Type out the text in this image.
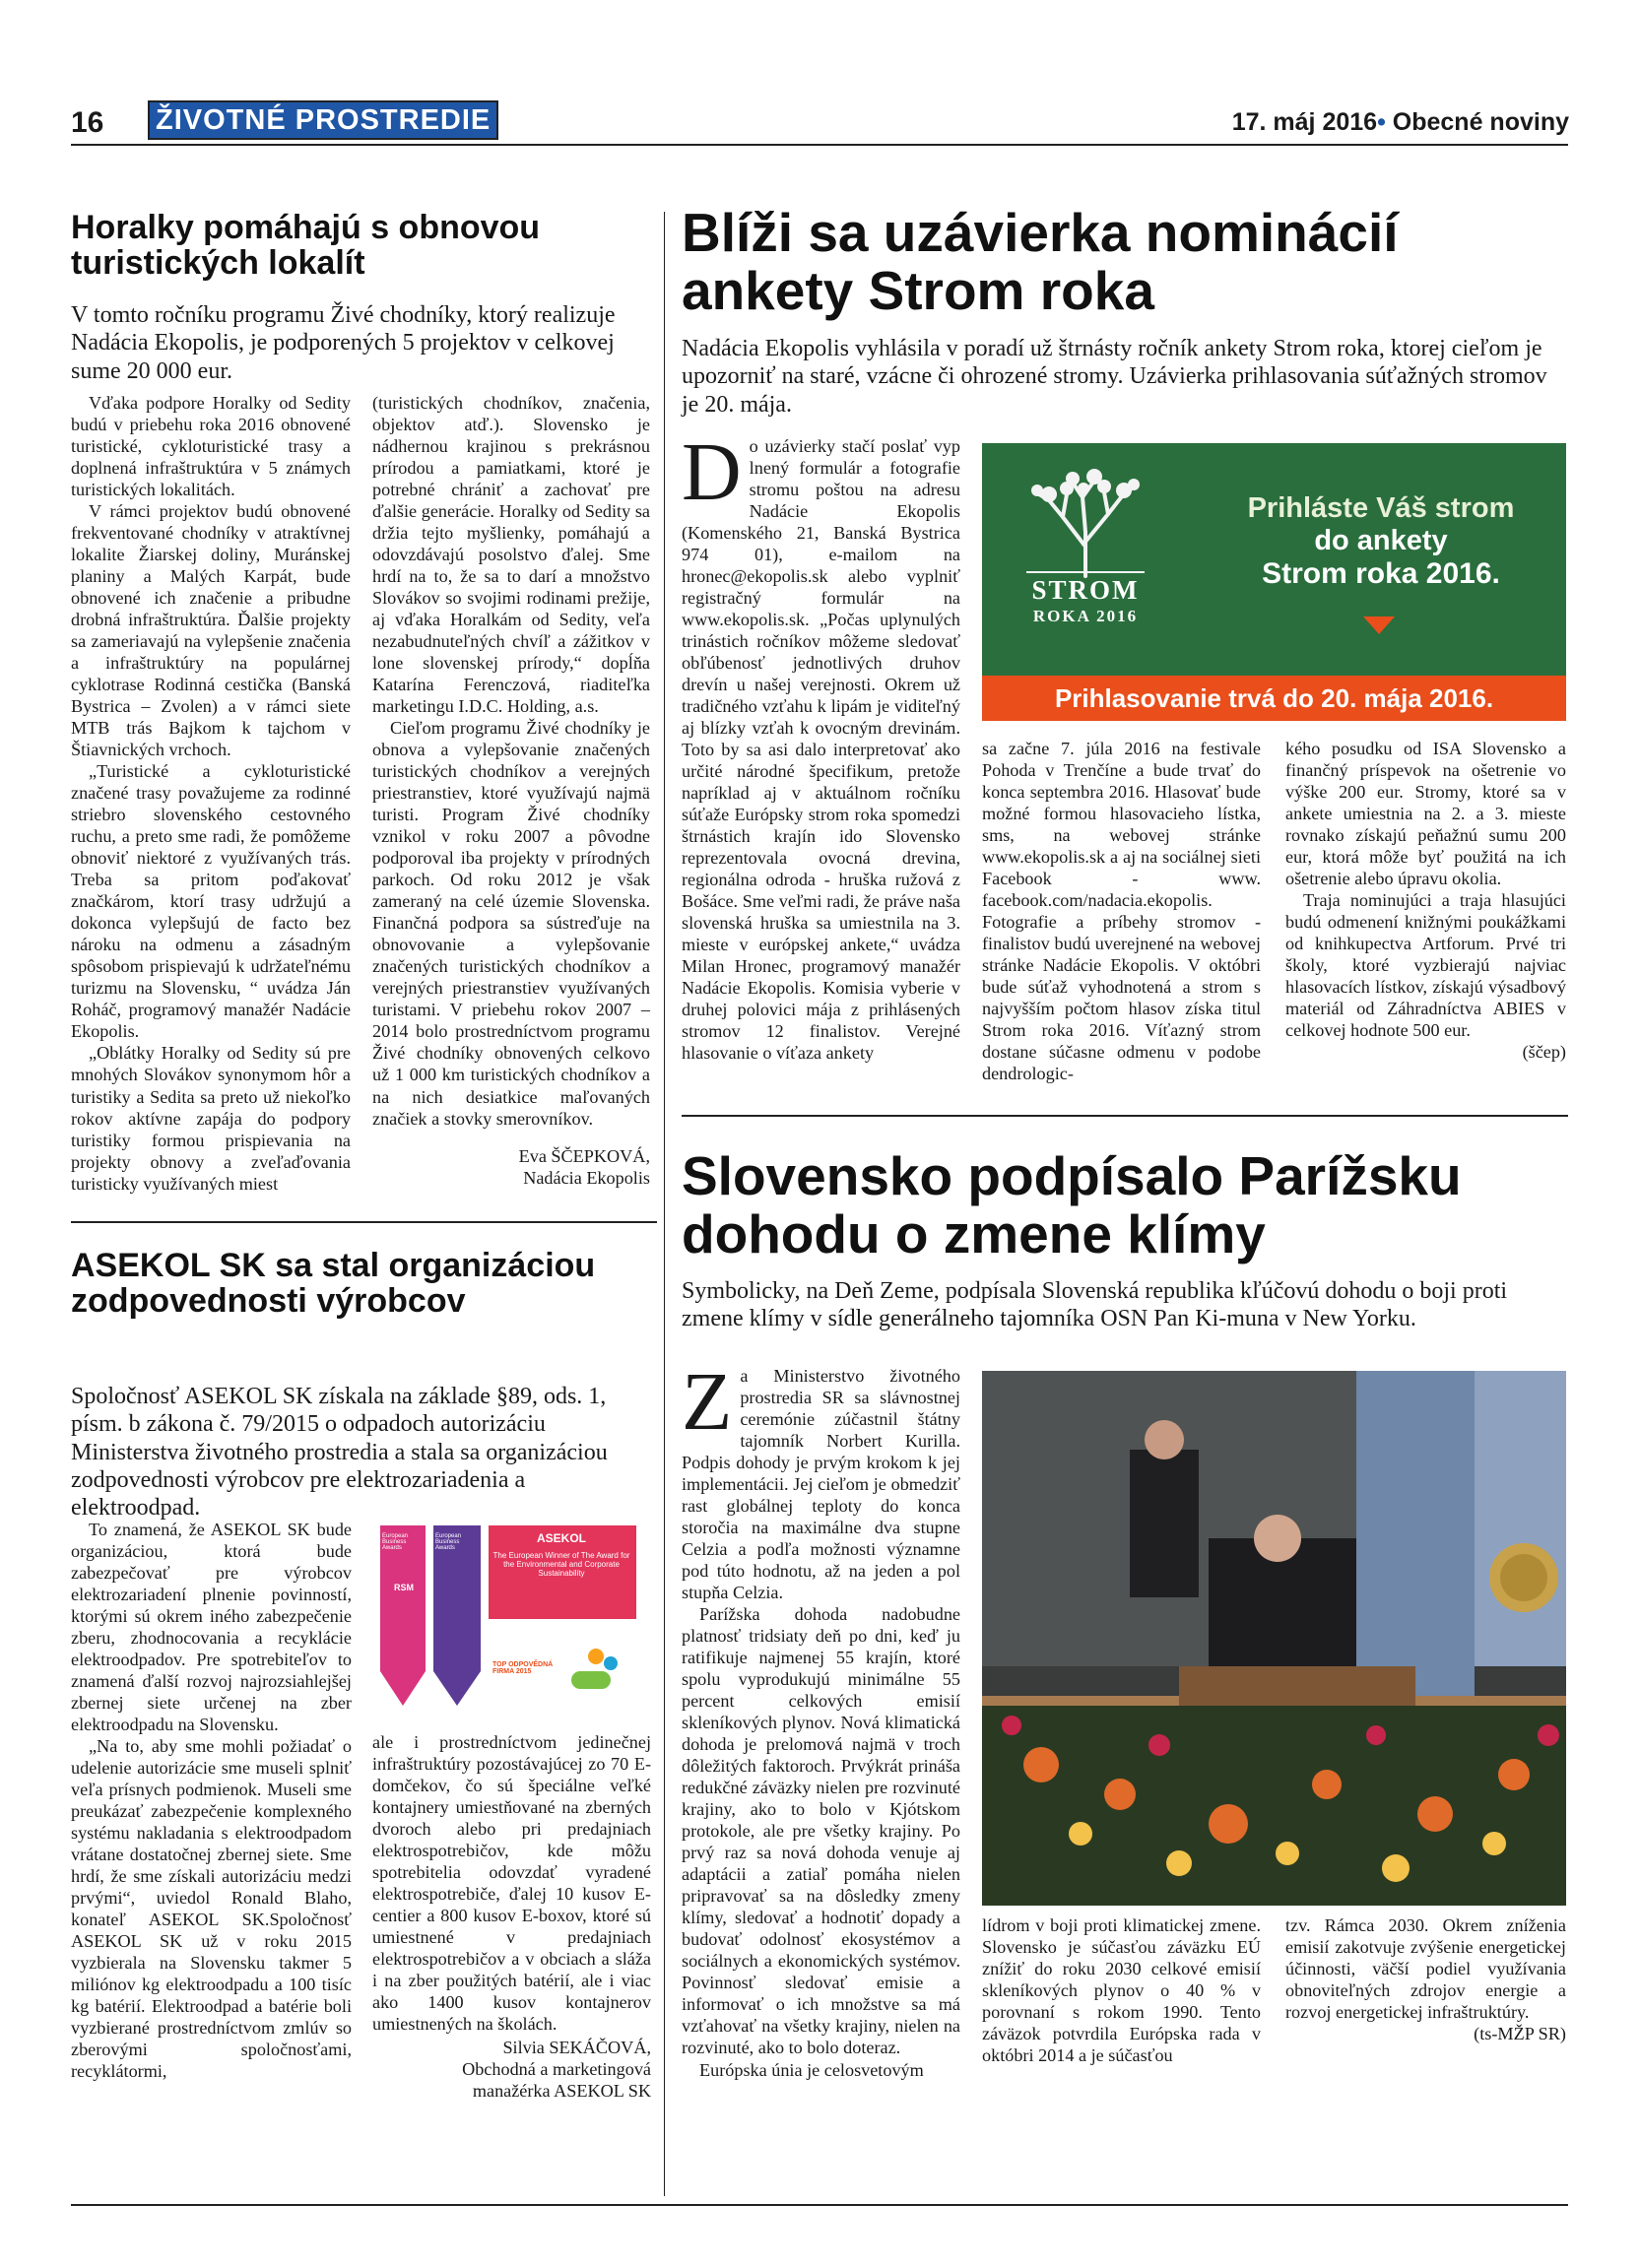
16 ŽIVOTNÉ PROSTREDIE	17. máj 2016• Obecné noviny
Horalky pomáhajú s obnovou turistických lokalít
V tomto ročníku programu Živé chodníky, ktorý realizuje Nadácia Ekopolis, je podporených 5 projektov v celkovej sume 20 000 eur.

Vďaka podpore Horalky od Sedity budú v priebehu roka 2016 obnovené turistické, cykloturistické trasy a doplnená infraštruktúra v 5 známych turistických lokalitách.

V rámci projektov budú obnovené frekventované chodníky v atraktívnej lokalite Žiarskej doliny, Muránskej planiny a Malých Karpát, bude obnovené ich značenie a pribudne drobná infraštruktúra. Ďalšie projekty sa zameriavajú na vylepšenie značenia a infraštruktúry na populárnej cyklotrase Rodinná cestička (Banská Bystrica – Zvolen) a v rámci siete MTB trás Bajkom k tajchom v Štiavnických vrchoch.

„Turistické a cykloturistické značené trasy považujeme za rodinné striebro slovenského cestovného ruchu, a preto sme radi, že pomôžeme obnoviť niektoré z využívaných trás. Treba sa pritom poďakovať značkárom, ktorí trasy udržujú a dokonca vylepšujú de facto bez nároku na odmenu a zásadným spôsobom prispievajú k udržateľnému turizmu na Slovensku, “ uvádza Ján Roháč, programový manažér Nadácie Ekopolis.

„Oblátky Horalky od Sedity sú pre mnohých Slovákov synonymom hôr a turistiky a Sedita sa preto už niekoľko rokov aktívne zapája do podpory turistiky formou prispievania na projekty obnovy a zveľaďovania turisticky využívaných miest

(turistických chodníkov, značenia, objektov atď.). Slovensko je nádhernou krajinou s prekrásnou prírodou a pamiatkami, ktoré je potrebné chrániť a zachovať pre ďalšie generácie. Horalky od Sedity sa držia tejto myšlienky, pomáhajú a odovzdávajú posolstvo ďalej. Sme hrdí na to, že sa to darí a množstvo Slovákov so svojimi rodinami prežije, aj vďaka Horalkám od Sedity, veľa nezabudnuteľných chvíľ a zážitkov v lone slovenskej prírody,“ dopĺňa Katarína Ferenczová, riaditeľka marketingu I.D.C. Holding, a.s.

Cieľom programu Živé chodníky je obnova a vylepšovanie značených turistických chodníkov a verejných priestranstiev, ktoré využívajú najmä turisti. Program Živé chodníky vznikol v roku 2007 a pôvodne podporoval iba projekty v prírodných parkoch. Od roku 2012 je však zameraný na celé územie Slovenska. Finančná podpora sa sústreďuje na obnovovanie a vylepšovanie značených turistických chodníkov a verejných priestranstiev využívaných turistami. V priebehu rokov 2007 – 2014 bolo prostredníctvom programu Živé chodníky obnovených celkovo už 1 000 km turistických chodníkov a na nich desiatkice maľovaných značiek a stovky smerovníkov.

Eva ŠČEPKOVÁ,

Nadácia Ekopolis

Blíži sa uzávierka nominácií ankety Strom roka
Nadácia Ekopolis vyhlásila v poradí už štrnásty ročník ankety Strom roka, ktorej cieľom je upozorniť na staré, vzácne či ohrozené stromy. Uzávierka prihlasovania súťažných stromov je 20. mája.

Do uzávierky stačí poslať vyp lnený formulár a fotografie stromu poštou na adresu Nadácie Ekopolis (Komenského 21, Banská Bystrica 974 01), e-mailom na hronec@ekopolis.sk alebo vyplniť registračný formulár na www.ekopolis.sk. „Počas uplynulých trinástich ročníkov môžeme sledovať obľúbenosť jednotlivých druhov drevín u našej verejnosti. Okrem už tradičného vzťahu k lipám je viditeľný aj blízky vzťah k ovocným drevinám. Toto by sa asi dalo interpretovať ako určité národné špecifikum, pretože napríklad aj v aktuálnom ročníku súťaže Európsky strom roka spomedzi štrnástich krajín ido Slovensko reprezentovala ovocná drevina, regionálna odroda - hruška ružová z Bošáce. Sme veľmi radi, že práve naša slovenská hruška sa umiestnila na 3. mieste v európskej ankete,“ uvádza Milan Hronec, programový manažér Nadácie Ekopolis. Komisia vyberie v druhej polovici mája z prihlásených stromov 12 finalistov. Verejné hlasovanie o víťaza ankety

STROM
ROKA 2016
Prihláste Váš strom
do ankety
Strom roka 2016.
Prihlasovanie trvá do 20. mája 2016.

sa začne 7. júla 2016 na festivale Pohoda v Trenčíne a bude trvať do konca septembra 2016. Hlasovať bude možné formou hlasovacieho lístka, sms, na webovej stránke www.ekopolis.sk a aj na sociálnej sieti Facebook - www. facebook.com/nadacia.ekopolis. Fotografie a príbehy stromov - finalistov budú uverejnené na webovej stránke Nadácie Ekopolis. V októbri bude súťaž vyhodnotená a strom s najvyšším počtom hlasov získa titul Strom roka 2016. Víťazný strom dostane súčasne odmenu v podobe dendrologic-

kého posudku od ISA Slovensko a finančný príspevok na ošetrenie vo výške 200 eur. Stromy, ktoré sa v ankete umiestnia na 2. a 3. mieste rovnako získajú peňažnú sumu 200 eur, ktorá môže byť použitá na ich ošetrenie alebo úpravu okolia.

Traja nominujúci a traja hlasujúci budú odmenení knižnými poukážkami od knihkupectva Artforum. Prvé tri školy, ktoré vyzbierajú najviac hlasovacích lístkov, získajú výsadbový materiál od Záhradníctva ABIES v celkovej hodnote 500 eur.

(ščep)

ASEKOL SK sa stal organizáciou zodpovednosti výrobcov
Spoločnosť ASEKOL SK získala na základe §89, ods. 1, písm. b zákona č. 79/2015 o odpadoch autorizáciu Ministerstva životného prostredia a stala sa organizáciou zodpovednosti výrobcov pre elektrozariadenia a elektroodpad.

To znamená, že ASEKOL SK bude organizáciou, ktorá bude zabezpečovať pre výrobcov elektrozariadení plnenie povinností, ktorými sú okrem iného zabezpečenie zberu, zhodnocovania a recyklácie elektroodpadov. Pre spotrebiteľov to znamená ďalší rozvoj najrozsiahlejšej zbernej siete určenej na zber elektroodpadu na Slovensku.

„Na to, aby sme mohli požiadať o udelenie autorizácie sme museli splniť veľa prísnych podmienok. Museli sme preukázať zabezpečenie komplexného systému nakladania s elektroodpadom vrátane dostatočnej zbernej siete. Sme hrdí, že sme získali autorizáciu medzi prvými“, uviedol Ronald Blaho, konateľ ASEKOL SK.Spoločnosť ASEKOL SK už v roku 2015 vyzbierala na Slovensku takmer 5 miliónov kg elektroodpadu a 100 tisíc kg batérií. Elektroodpad a batérie boli vyzbierané prostredníctvom zmlúv so zberovými spoločnosťami, recyklátormi,

European Business Awards
European Business Awards
ASEKOL
The European Winner of The Award for the Environmental and Corporate Sustainability
RSM
TOP ODPOVĚDNÁ FIRMA 2015

ale i prostredníctvom jedinečnej infraštruktúry pozostávajúcej zo 70 E-domčekov, čo sú špeciálne veľké kontajnery umiestňované na zberných dvoroch alebo pri predajniach elektrospotrebičov, kde môžu spotrebitelia odovzdať vyradené elektrospotrebiče, ďalej 10 kusov E-centier a 800 kusov E-boxov, ktoré sú umiestnené v predajniach elektrospotrebičov a v obciach a sláža i na zber použitých batérií, ale i viac ako 1400 kusov kontajnerov umiestnených na školách.

Silvia SEKÁČOVÁ,

Obchodná a marketingová

manažérka ASEKOL SK

Slovensko podpísalo Parížsku dohodu o zmene klímy
Symbolicky, na Deň Zeme, podpísala Slovenská republika kľúčovú dohodu o boji proti zmene klímy v sídle generálneho tajomníka OSN Pan Ki-muna v New Yorku.

Za Ministerstvo životného prostredia SR sa slávnostnej ceremónie zúčastnil štátny tajomník Norbert Kurilla. Podpis dohody je prvým krokom k jej implementácii. Jej cieľom je obmedziť rast globálnej teploty do konca storočia na maximálne dva stupne Celzia a podľa možnosti významne pod túto hodnotu, až na jeden a pol stupňa Celzia.

Parížska dohoda nadobudne platnosť tridsiaty deň po dni, keď ju ratifikuje najmenej 55 krajín, ktoré spolu vyprodukujú minimálne 55 percent celkových emisií skleníkových plynov. Nová klimatická dohoda je prelomová najmä v troch dôležitých faktoroch. Prvýkrát prináša redukčné záväzky nielen pre rozvinuté krajiny, ako to bolo v Kjótskom protokole, ale pre všetky krajiny. Po prvý raz sa nová dohoda venuje aj adaptácii a zatiaľ pomáha nielen pripravovať sa na dôsledky zmeny klímy, sledovať a hodnotiť dopady a budovať odolnosť ekosystémov a sociálnych a ekonomických systémov. Povinnosť sledovať emisie a informovať o ich množstve sa má vzťahovať na všetky krajiny, nielen na rozvinuté, ako to bolo doteraz.

Európska únia je celosvetovým

lídrom v boji proti klimatickej zmene. Slovensko je súčasťou záväzku EÚ znížiť do roku 2030 celkové emisií skleníkových plynov o 40 % v porovnaní s rokom 1990. Tento záväzok potvrdila Európska rada v októbri 2014 a je súčasťou

tzv. Rámca 2030. Okrem zníženia emisií zakotvuje zvýšenie energetickej účinnosti, väčší podiel využívania obnoviteľných zdrojov energie a rozvoj energetickej infraštruktúry.

(ts-MŽP SR)
